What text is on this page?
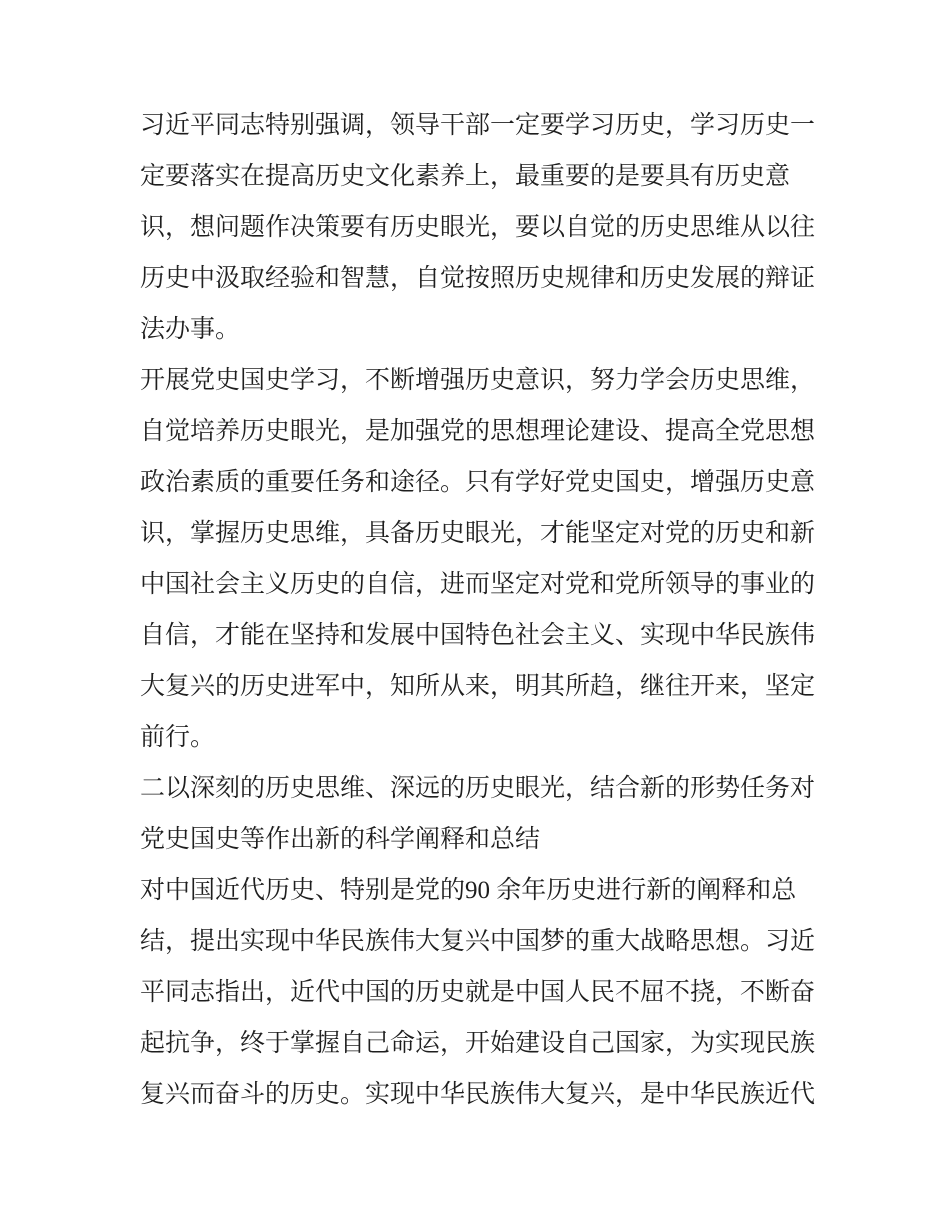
习近平同志特别强调，领导干部一定要学习历史，学习历史一
定要落实在提高历史文化素养上，最重要的是要具有历史意
识，想问题作决策要有历史眼光，要以自觉的历史思维从以往
历史中汲取经验和智慧，自觉按照历史规律和历史发展的辩证
法办事。
开展党史国史学习，不断增强历史意识，努力学会历史思维，
自觉培养历史眼光，是加强党的思想理论建设、提高全党思想
政治素质的重要任务和途径。只有学好党史国史，增强历史意
识，掌握历史思维，具备历史眼光，才能坚定对党的历史和新
中国社会主义历史的自信，进而坚定对党和党所领导的事业的
自信，才能在坚持和发展中国特色社会主义、实现中华民族伟
大复兴的历史进军中，知所从来，明其所趋，继往开来，坚定
前行。
二以深刻的历史思维、深远的历史眼光，结合新的形势任务对
党史国史等作出新的科学阐释和总结
对中国近代历史、特别是党的90 余年历史进行新的阐释和总
结，提出实现中华民族伟大复兴中国梦的重大战略思想。习近
平同志指出，近代中国的历史就是中国人民不屈不挠，不断奋
起抗争，终于掌握自己命运，开始建设自己国家，为实现民族
复兴而奋斗的历史。实现中华民族伟大复兴，是中华民族近代
